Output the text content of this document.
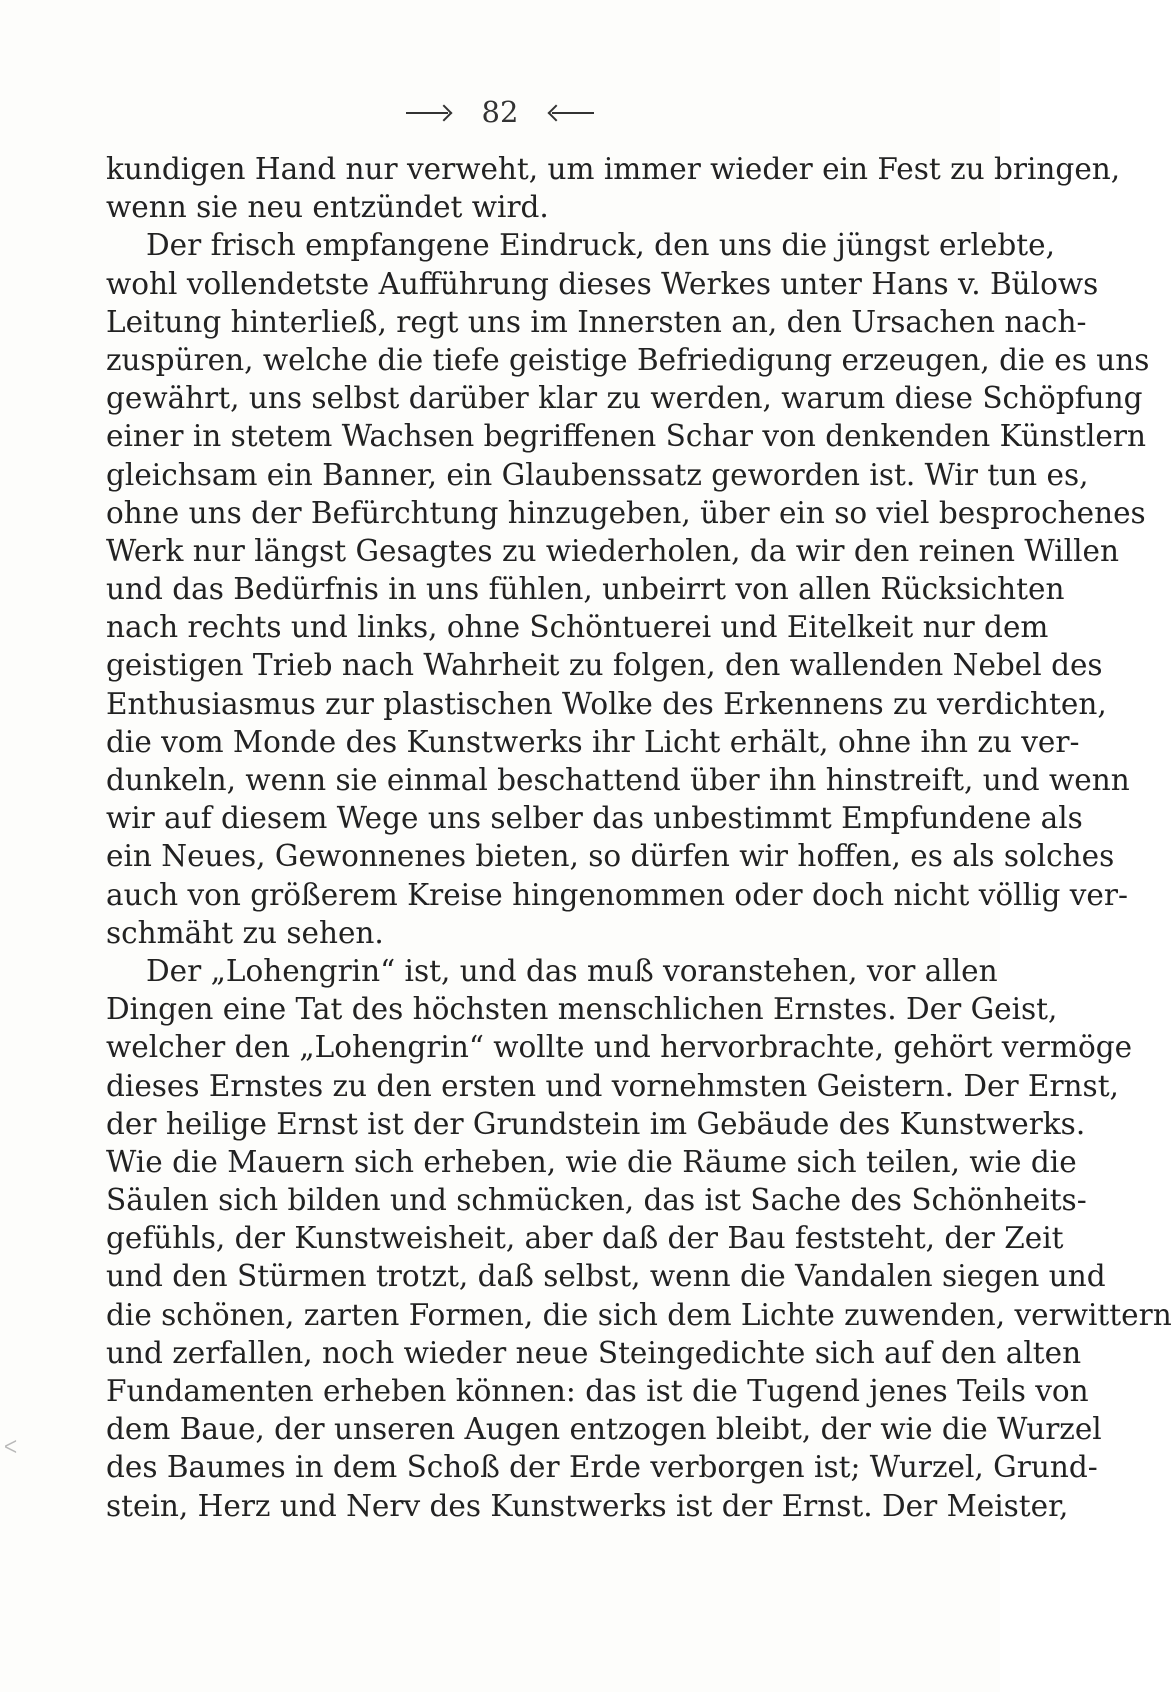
82
kundigen Hand nur verweht, um immer wieder ein Fest zu bringen,
wenn sie neu entzündet wird.
Der frisch empfangene Eindruck, den uns die jüngst erlebte,
wohl vollendetste Aufführung dieses Werkes unter Hans v. Bülows
Leitung hinterließ, regt uns im Innersten an, den Ursachen nach-
zuspüren, welche die tiefe geistige Befriedigung erzeugen, die es uns
gewährt, uns selbst darüber klar zu werden, warum diese Schöpfung
einer in stetem Wachsen begriffenen Schar von denkenden Künstlern
gleichsam ein Banner, ein Glaubenssatz geworden ist. Wir tun es,
ohne uns der Befürchtung hinzugeben, über ein so viel besprochenes
Werk nur längst Gesagtes zu wiederholen, da wir den reinen Willen
und das Bedürfnis in uns fühlen, unbeirrt von allen Rücksichten
nach rechts und links, ohne Schöntuerei und Eitelkeit nur dem
geistigen Trieb nach Wahrheit zu folgen, den wallenden Nebel des
Enthusiasmus zur plastischen Wolke des Erkennens zu verdichten,
die vom Monde des Kunstwerks ihr Licht erhält, ohne ihn zu ver-
dunkeln, wenn sie einmal beschattend über ihn hinstreift, und wenn
wir auf diesem Wege uns selber das unbestimmt Empfundene als
ein Neues, Gewonnenes bieten, so dürfen wir hoffen, es als solches
auch von größerem Kreise hingenommen oder doch nicht völlig ver-
schmäht zu sehen.
Der „Lohengrin“ ist, und das muß voranstehen, vor allen
Dingen eine Tat des höchsten menschlichen Ernstes. Der Geist,
welcher den „Lohengrin“ wollte und hervorbrachte, gehört vermöge
dieses Ernstes zu den ersten und vornehmsten Geistern. Der Ernst,
der heilige Ernst ist der Grundstein im Gebäude des Kunstwerks.
Wie die Mauern sich erheben, wie die Räume sich teilen, wie die
Säulen sich bilden und schmücken, das ist Sache des Schönheits-
gefühls, der Kunstweisheit, aber daß der Bau feststeht, der Zeit
und den Stürmen trotzt, daß selbst, wenn die Vandalen siegen und
die schönen, zarten Formen, die sich dem Lichte zuwenden, verwittern
und zerfallen, noch wieder neue Steingedichte sich auf den alten
Fundamenten erheben können: das ist die Tugend jenes Teils von
dem Baue, der unseren Augen entzogen bleibt, der wie die Wurzel
des Baumes in dem Schoß der Erde verborgen ist; Wurzel, Grund-
stein, Herz und Nerv des Kunstwerks ist der Ernst. Der Meister,
ᐸ
